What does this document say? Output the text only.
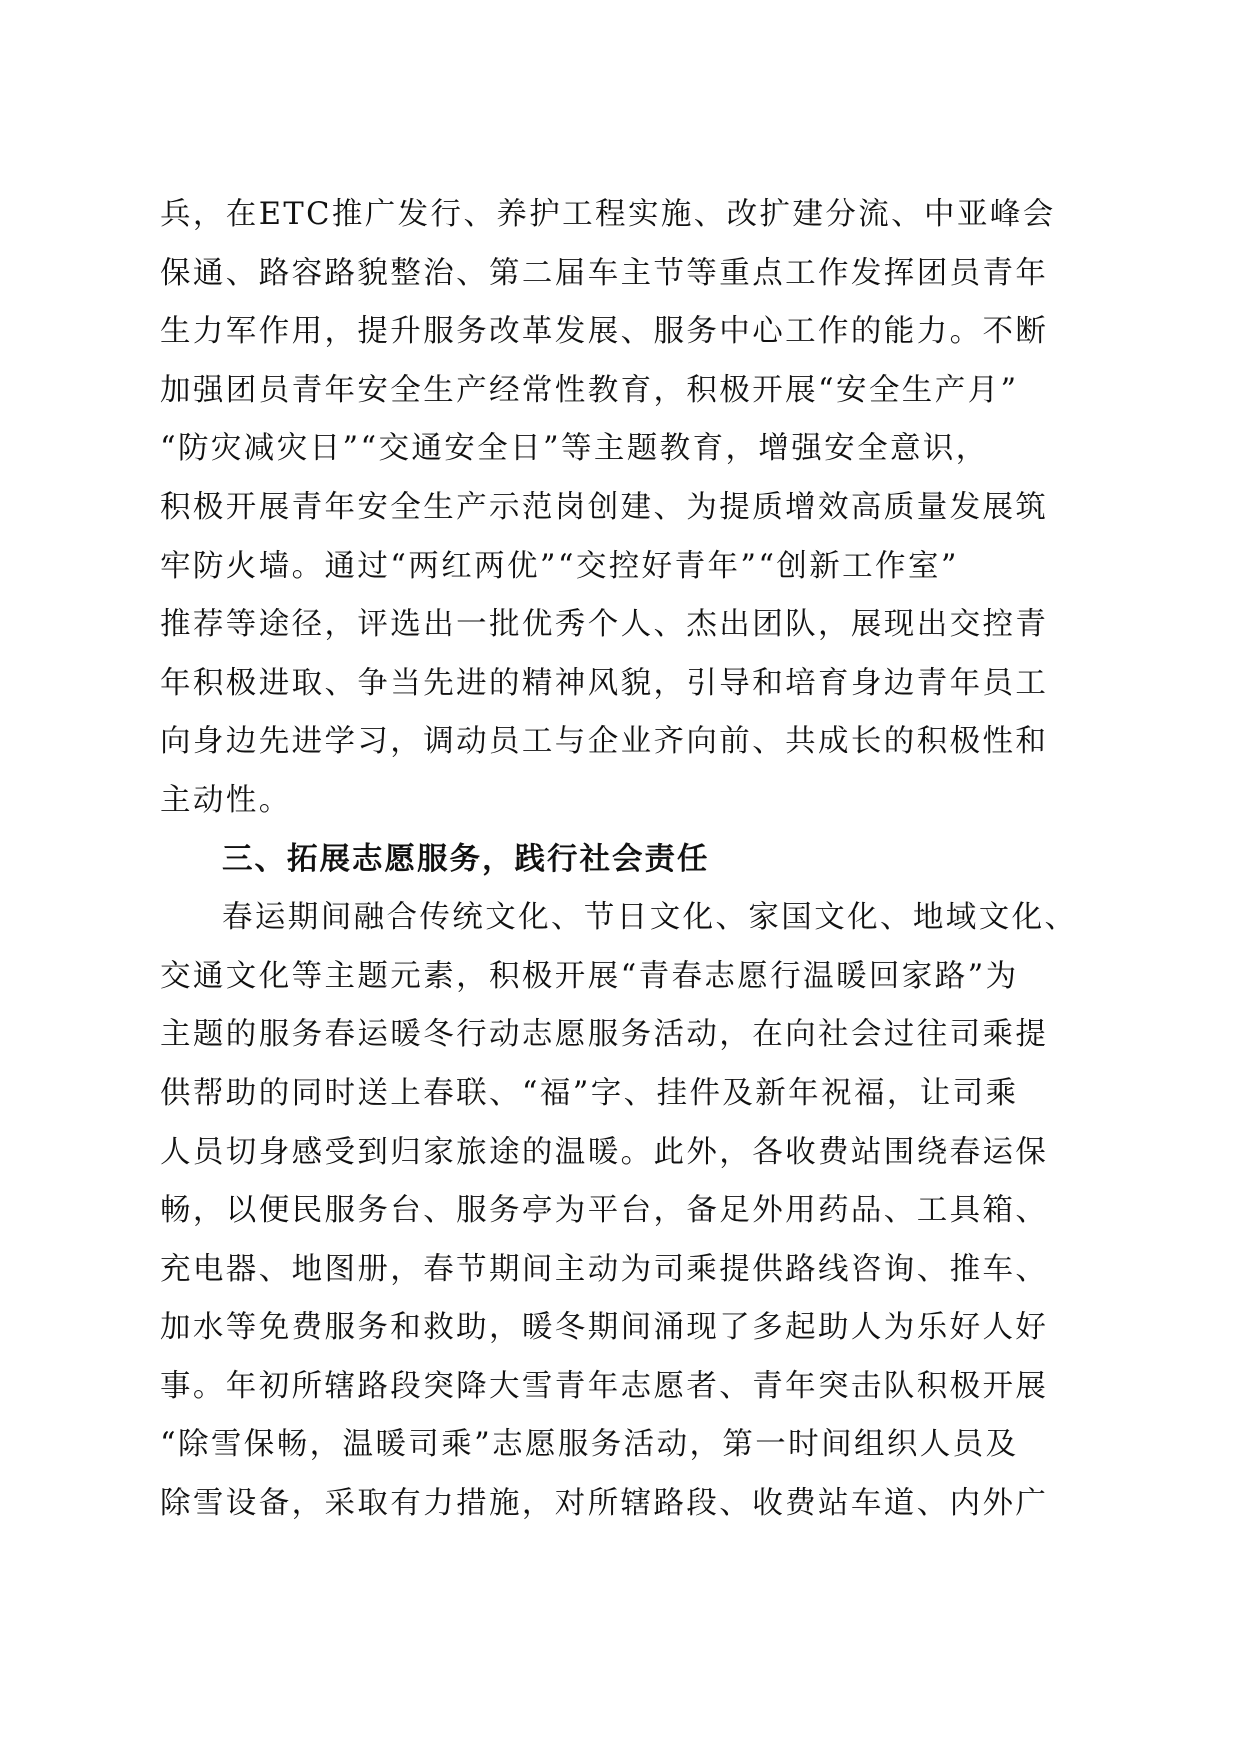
兵，在ETC推广发行、养护工程实施、改扩建分流、中亚峰会

保通、路容路貌整治、第二届车主节等重点工作发挥团员青年

生力军作用，提升服务改革发展、服务中心工作的能力。不断

加强团员青年安全生产经常性教育，积极开展“安全生产月”

“防灾减灾日”“交通安全日”等主题教育，增强安全意识，

积极开展青年安全生产示范岗创建、为提质增效高质量发展筑

牢防火墙。通过“两红两优”“交控好青年”“创新工作室”

推荐等途径，评选出一批优秀个人、杰出团队，展现出交控青

年积极进取、争当先进的精神风貌，引导和培育身边青年员工

向身边先进学习，调动员工与企业齐向前、共成长的积极性和

主动性。

三、拓展志愿服务，践行社会责任

春运期间融合传统文化、节日文化、家国文化、地域文化、

交通文化等主题元素，积极开展“青春志愿行温暖回家路”为

主题的服务春运暖冬行动志愿服务活动，在向社会过往司乘提

供帮助的同时送上春联、“福”字、挂件及新年祝福，让司乘

人员切身感受到归家旅途的温暖。此外，各收费站围绕春运保

畅，以便民服务台、服务亭为平台，备足外用药品、工具箱、

充电器、地图册，春节期间主动为司乘提供路线咨询、推车、

加水等免费服务和救助，暖冬期间涌现了多起助人为乐好人好

事。年初所辖路段突降大雪青年志愿者、青年突击队积极开展

“除雪保畅，温暖司乘”志愿服务活动，第一时间组织人员及

除雪设备，采取有力措施，对所辖路段、收费站车道、内外广
